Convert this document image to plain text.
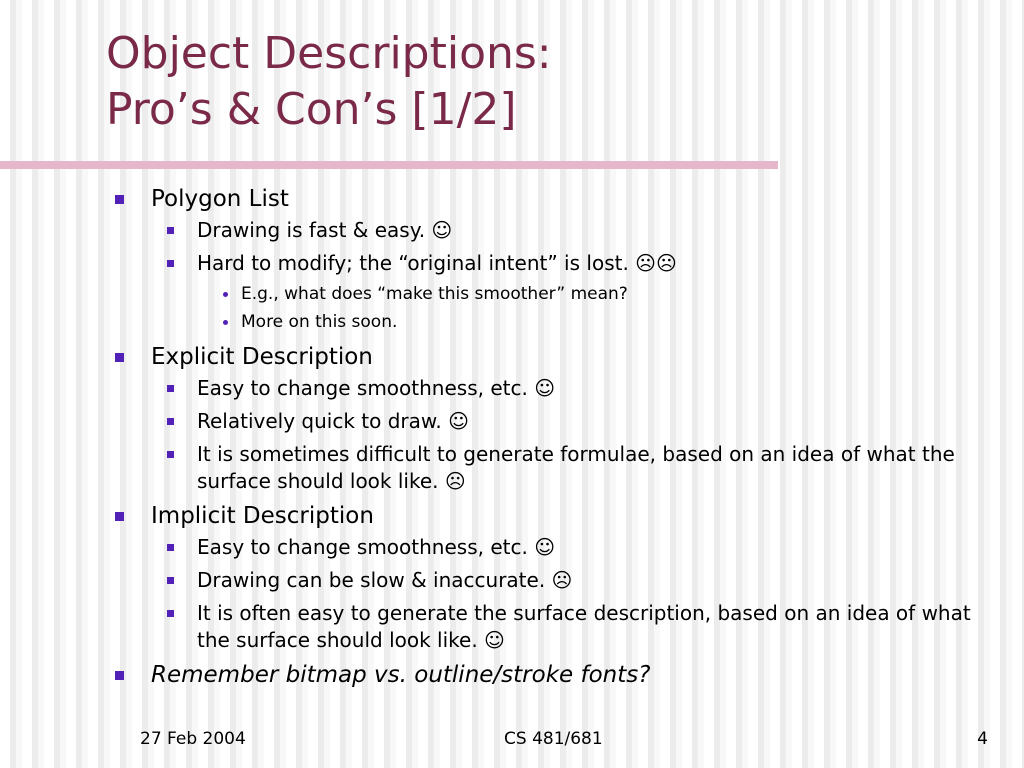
Object Descriptions:
Pro’s & Con’s [1/2]
Polygon List
Drawing is fast & easy. ☺
Hard to modify; the “original intent” is lost. ☹☹
E.g., what does “make this smoother” mean?
More on this soon.
Explicit Description
Easy to change smoothness, etc. ☺
Relatively quick to draw. ☺
It is sometimes difficult to generate formulae, based on an idea of what the surface should look like. ☹
Implicit Description
Easy to change smoothness, etc. ☺
Drawing can be slow & inaccurate. ☹
It is often easy to generate the surface description, based on an idea of what the surface should look like. ☺
Remember bitmap vs. outline/stroke fonts?
27 Feb 2004	CS 481/681	4
